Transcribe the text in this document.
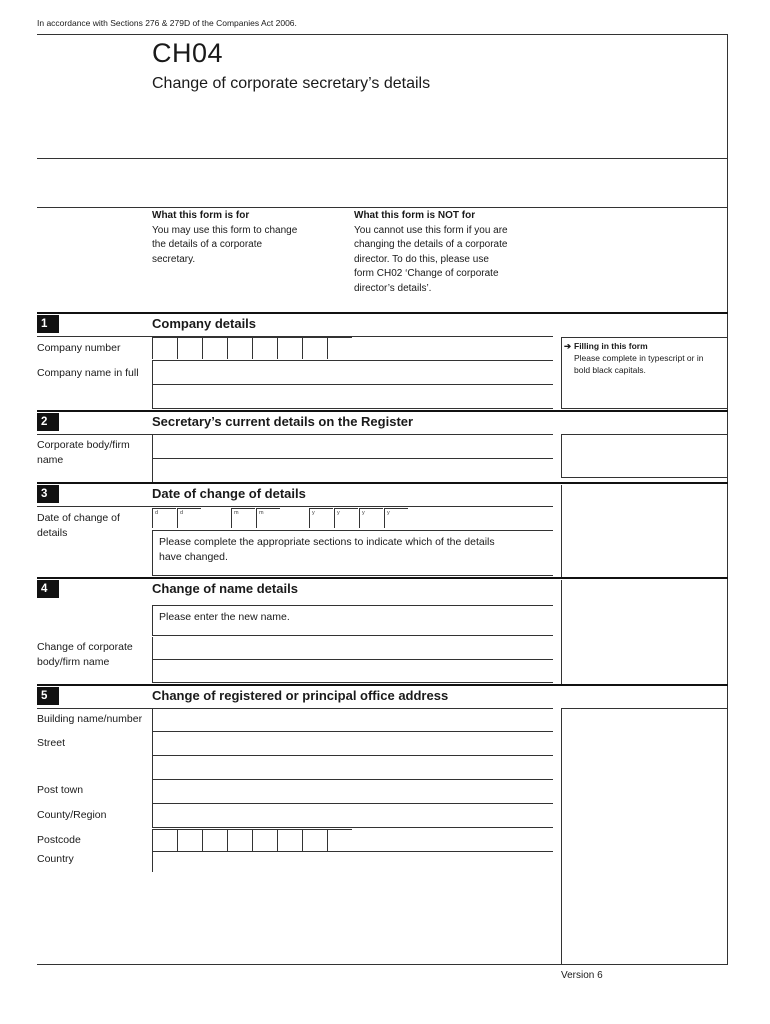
In accordance with Sections 276 & 279D of the Companies Act 2006.
CH04
Change of corporate secretary’s details
What this form is for
You may use this form to change
the details of a corporate
secretary.
What this form is NOT for
You cannot use this form if you are
changing the details of a corporate
director. To do this, please use
form CH02 ‘Change of corporate
director’s details’.
1	Company details
Company number
Company name in full
➔ Filling in this form
Please complete in typescript or in
bold black capitals.
2	Secretary’s current details on the Register
Corporate body/firm
name
3	Date of change of details
Date of change of
details
d	d	m	m	y	y	y	y
Please complete the appropriate sections to indicate which of the details
have changed.
4	Change of name details
Please enter the new name.
Change of corporate
body/firm name
5	Change of registered or principal office address
Building name/number
Street
Post town
County/Region
Postcode
Country
Version 6
